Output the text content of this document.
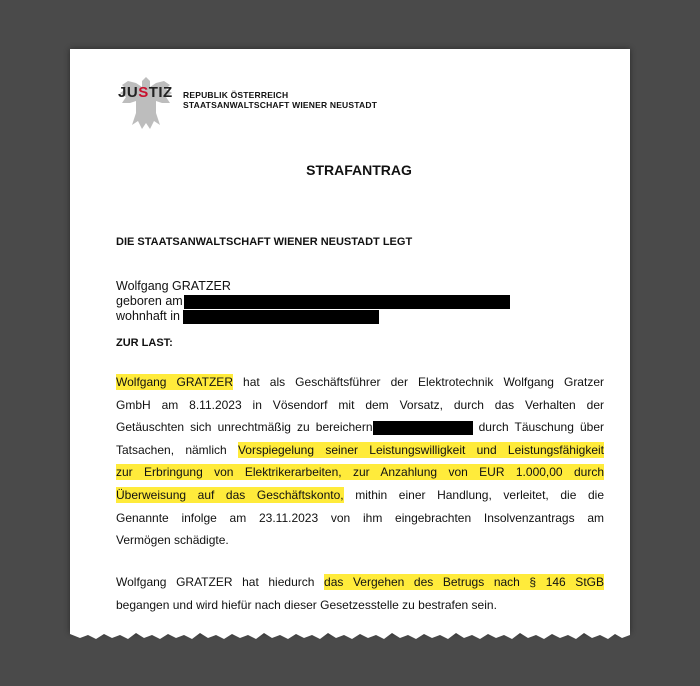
JUSTIZ REPUBLIK ÖSTERREICH
STAATSANWALTSCHAFT WIENER NEUSTADT
STRAFANTRAG
DIE STAATSANWALTSCHAFT WIENER NEUSTADT LEGT
Wolfgang GRATZER
geboren am
wohnhaft in
ZUR LAST:
Wolfgang GRATZER hat als Geschäftsführer der Elektrotechnik Wolfgang Gratzer
GmbH am 8.11.2023 in Vösendorf mit dem Vorsatz, durch das Verhalten der
Getäuschten sich unrechtmäßig zu bereichern	durch Täuschung über
Tatsachen, nämlich Vorspiegelung seiner Leistungswilligkeit und Leistungsfähigkeit
zur Erbringung von Elektrikerarbeiten, zur Anzahlung von EUR 1.000,00 durch
Überweisung auf das Geschäftskonto, mithin einer Handlung, verleitet, die die
Genannte infolge am 23.11.2023 von ihm eingebrachten Insolvenzantrags am
Vermögen schädigte.
Wolfgang GRATZER hat hiedurch das Vergehen des Betrugs nach § 146 StGB
begangen und wird hiefür nach dieser Gesetzesstelle zu bestrafen sein.
